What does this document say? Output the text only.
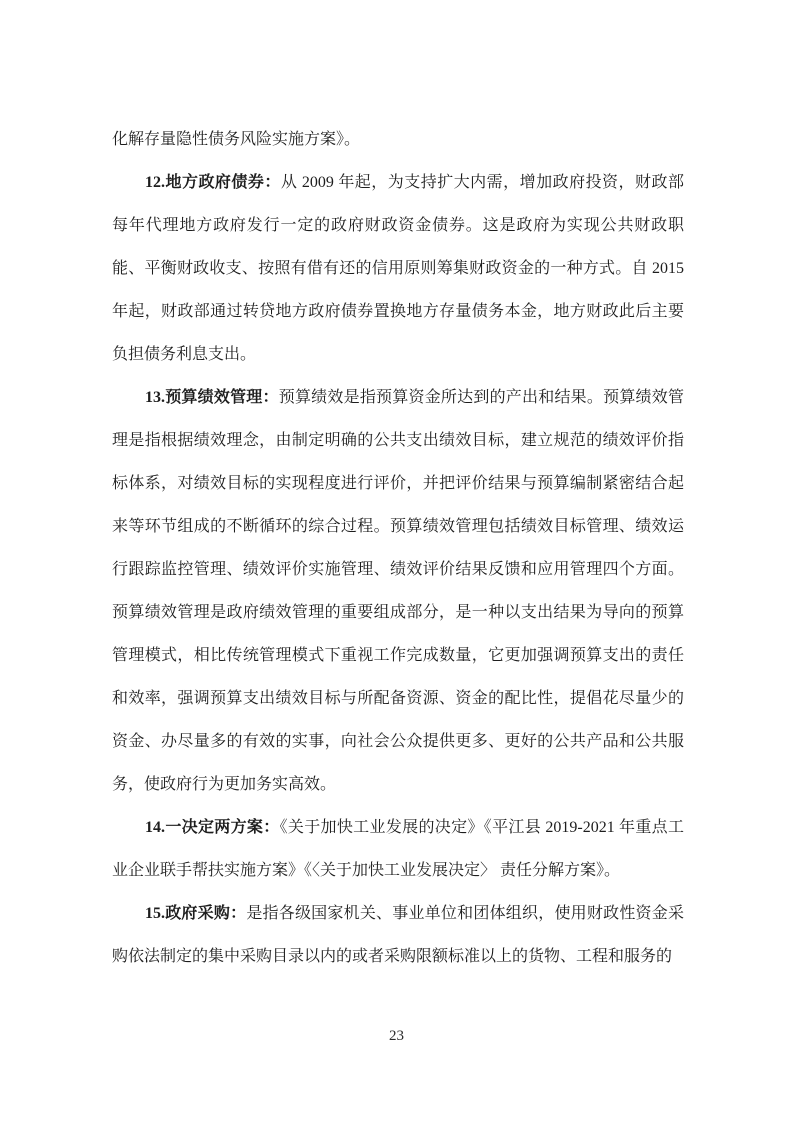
化解存量隐性债务风险实施方案》。

12.地方政府债券：从 2009 年起，为支持扩大内需，增加政府投资，财政部每年代理地方政府发行一定的政府财政资金债券。这是政府为实现公共财政职能、平衡财政收支、按照有借有还的信用原则筹集财政资金的一种方式。自 2015 年起，财政部通过转贷地方政府债券置换地方存量债务本金，地方财政此后主要负担债务利息支出。

13.预算绩效管理：预算绩效是指预算资金所达到的产出和结果。预算绩效管理是指根据绩效理念，由制定明确的公共支出绩效目标，建立规范的绩效评价指标体系，对绩效目标的实现程度进行评价，并把评价结果与预算编制紧密结合起来等环节组成的不断循环的综合过程。预算绩效管理包括绩效目标管理、绩效运行跟踪监控管理、绩效评价实施管理、绩效评价结果反馈和应用管理四个方面。预算绩效管理是政府绩效管理的重要组成部分，是一种以支出结果为导向的预算管理模式，相比传统管理模式下重视工作完成数量，它更加强调预算支出的责任和效率，强调预算支出绩效目标与所配备资源、资金的配比性，提倡花尽量少的资金、办尽量多的有效的实事，向社会公众提供更多、更好的公共产品和公共服务，使政府行为更加务实高效。

14.一决定两方案：《关于加快工业发展的决定》《平江县 2019-2021 年重点工业企业联手帮扶实施方案》《〈关于加快工业发展决定〉 责任分解方案》。

15.政府采购：是指各级国家机关、事业单位和团体组织，使用财政性资金采购依法制定的集中采购目录以内的或者采购限额标准以上的货物、工程和服务的

23
